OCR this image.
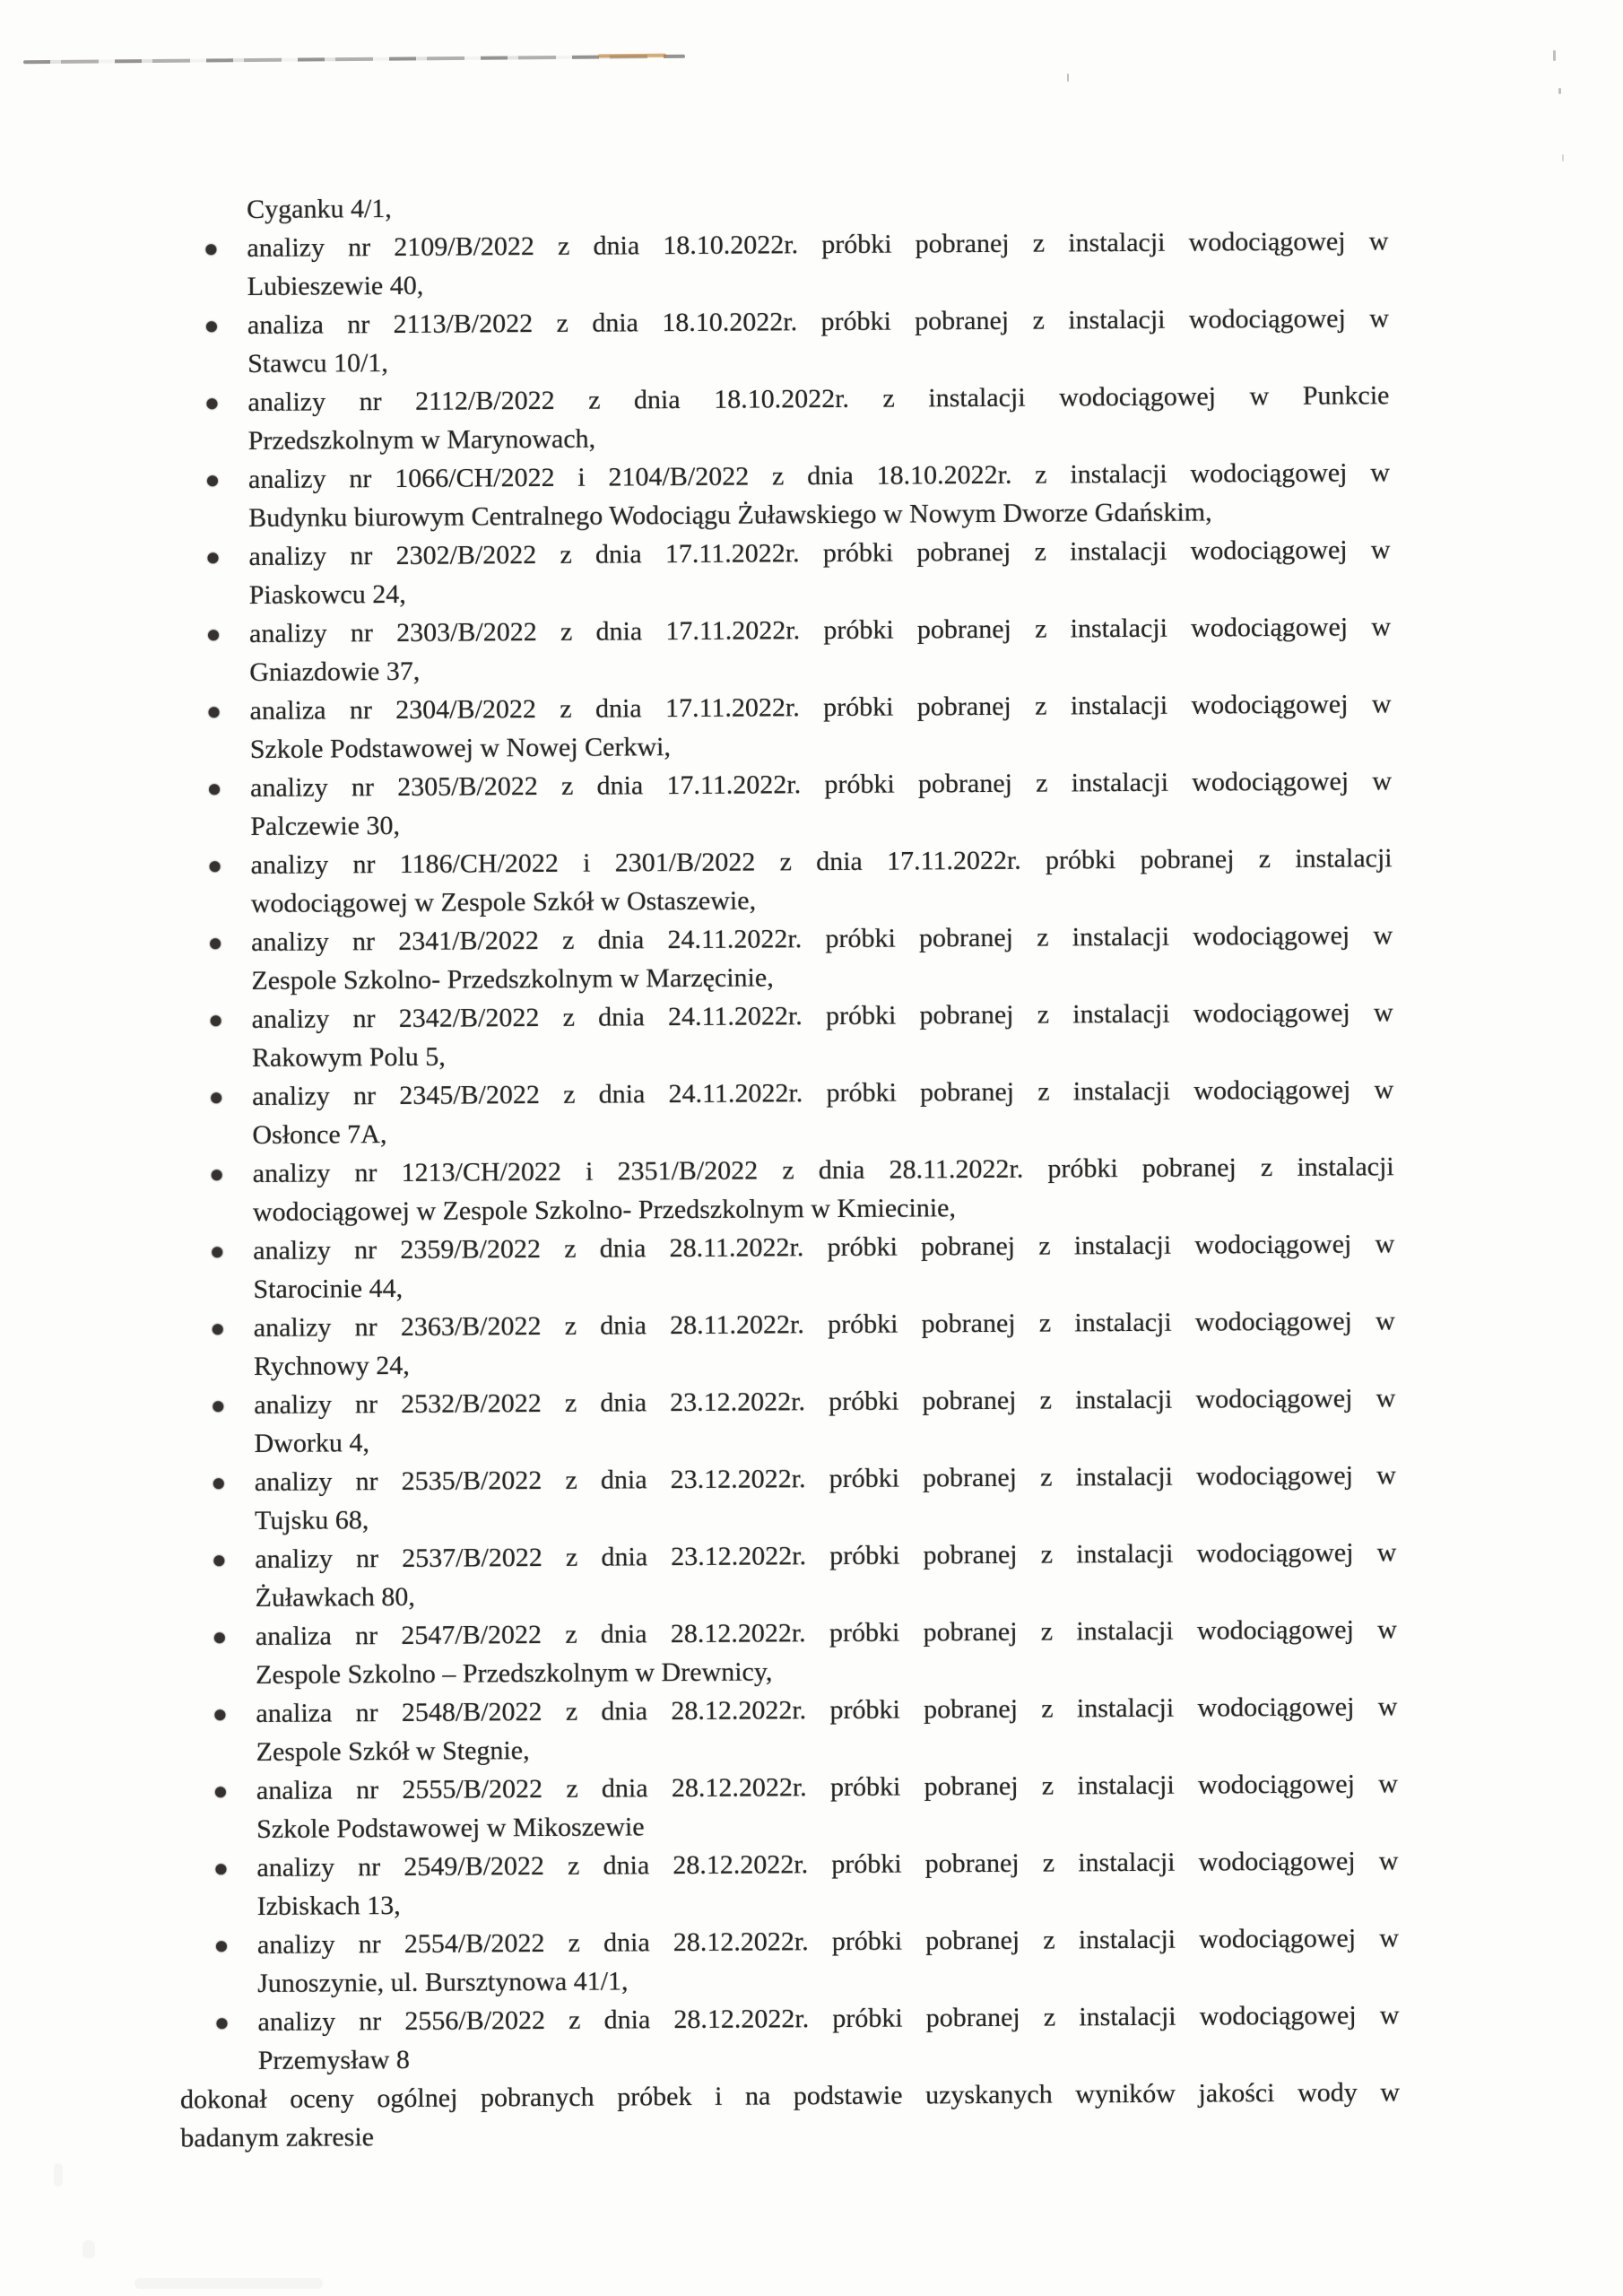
Cyganku 4/1,
analizy nr 2109/B/2022 z dnia 18.10.2022r. próbki pobranej z instalacji wodociągowej w
Lubieszewie 40,
analiza nr 2113/B/2022 z dnia 18.10.2022r. próbki pobranej z instalacji wodociągowej w
Stawcu 10/1,
analizy nr 2112/B/2022 z dnia 18.10.2022r. z instalacji wodociągowej w Punkcie
Przedszkolnym w Marynowach,
analizy nr 1066/CH/2022 i 2104/B/2022 z dnia 18.10.2022r. z instalacji wodociągowej w
Budynku biurowym Centralnego Wodociągu Żuławskiego w Nowym Dworze Gdańskim,
analizy nr 2302/B/2022 z dnia 17.11.2022r. próbki pobranej z instalacji wodociągowej w
Piaskowcu 24,
analizy nr 2303/B/2022 z dnia 17.11.2022r. próbki pobranej z instalacji wodociągowej w
Gniazdowie 37,
analiza nr 2304/B/2022 z dnia 17.11.2022r. próbki pobranej z instalacji wodociągowej w
Szkole Podstawowej w Nowej Cerkwi,
analizy nr 2305/B/2022 z dnia 17.11.2022r. próbki pobranej z instalacji wodociągowej w
Palczewie 30,
analizy nr 1186/CH/2022 i 2301/B/2022 z dnia 17.11.2022r. próbki pobranej z instalacji
wodociągowej w Zespole Szkół w Ostaszewie,
analizy nr 2341/B/2022 z dnia 24.11.2022r. próbki pobranej z instalacji wodociągowej w
Zespole Szkolno- Przedszkolnym w Marzęcinie,
analizy nr 2342/B/2022 z dnia 24.11.2022r. próbki pobranej z instalacji wodociągowej w
Rakowym Polu 5,
analizy nr 2345/B/2022 z dnia 24.11.2022r. próbki pobranej z instalacji wodociągowej w
Osłonce 7A,
analizy nr 1213/CH/2022 i 2351/B/2022 z dnia 28.11.2022r. próbki pobranej z instalacji
wodociągowej w Zespole Szkolno- Przedszkolnym w Kmiecinie,
analizy nr 2359/B/2022 z dnia 28.11.2022r. próbki pobranej z instalacji wodociągowej w
Starocinie 44,
analizy nr 2363/B/2022 z dnia 28.11.2022r. próbki pobranej z instalacji wodociągowej w
Rychnowy 24,
analizy nr 2532/B/2022 z dnia 23.12.2022r. próbki pobranej z instalacji wodociągowej w
Dworku 4,
analizy nr 2535/B/2022 z dnia 23.12.2022r. próbki pobranej z instalacji wodociągowej w
Tujsku 68,
analizy nr 2537/B/2022 z dnia 23.12.2022r. próbki pobranej z instalacji wodociągowej w
Żuławkach 80,
analiza nr 2547/B/2022 z dnia 28.12.2022r. próbki pobranej z instalacji wodociągowej w
Zespole Szkolno – Przedszkolnym w Drewnicy,
analiza nr 2548/B/2022 z dnia 28.12.2022r. próbki pobranej z instalacji wodociągowej w
Zespole Szkół w Stegnie,
analiza nr 2555/B/2022 z dnia 28.12.2022r. próbki pobranej z instalacji wodociągowej w
Szkole Podstawowej w Mikoszewie
analizy nr 2549/B/2022 z dnia 28.12.2022r. próbki pobranej z instalacji wodociągowej w
Izbiskach 13,
analizy nr 2554/B/2022 z dnia 28.12.2022r. próbki pobranej z instalacji wodociągowej w
Junoszynie, ul. Bursztynowa 41/1,
analizy nr 2556/B/2022 z dnia 28.12.2022r. próbki pobranej z instalacji wodociągowej w
Przemysław 8
dokonał oceny ogólnej pobranych próbek i na podstawie uzyskanych wyników jakości wody w
badanym zakresie
